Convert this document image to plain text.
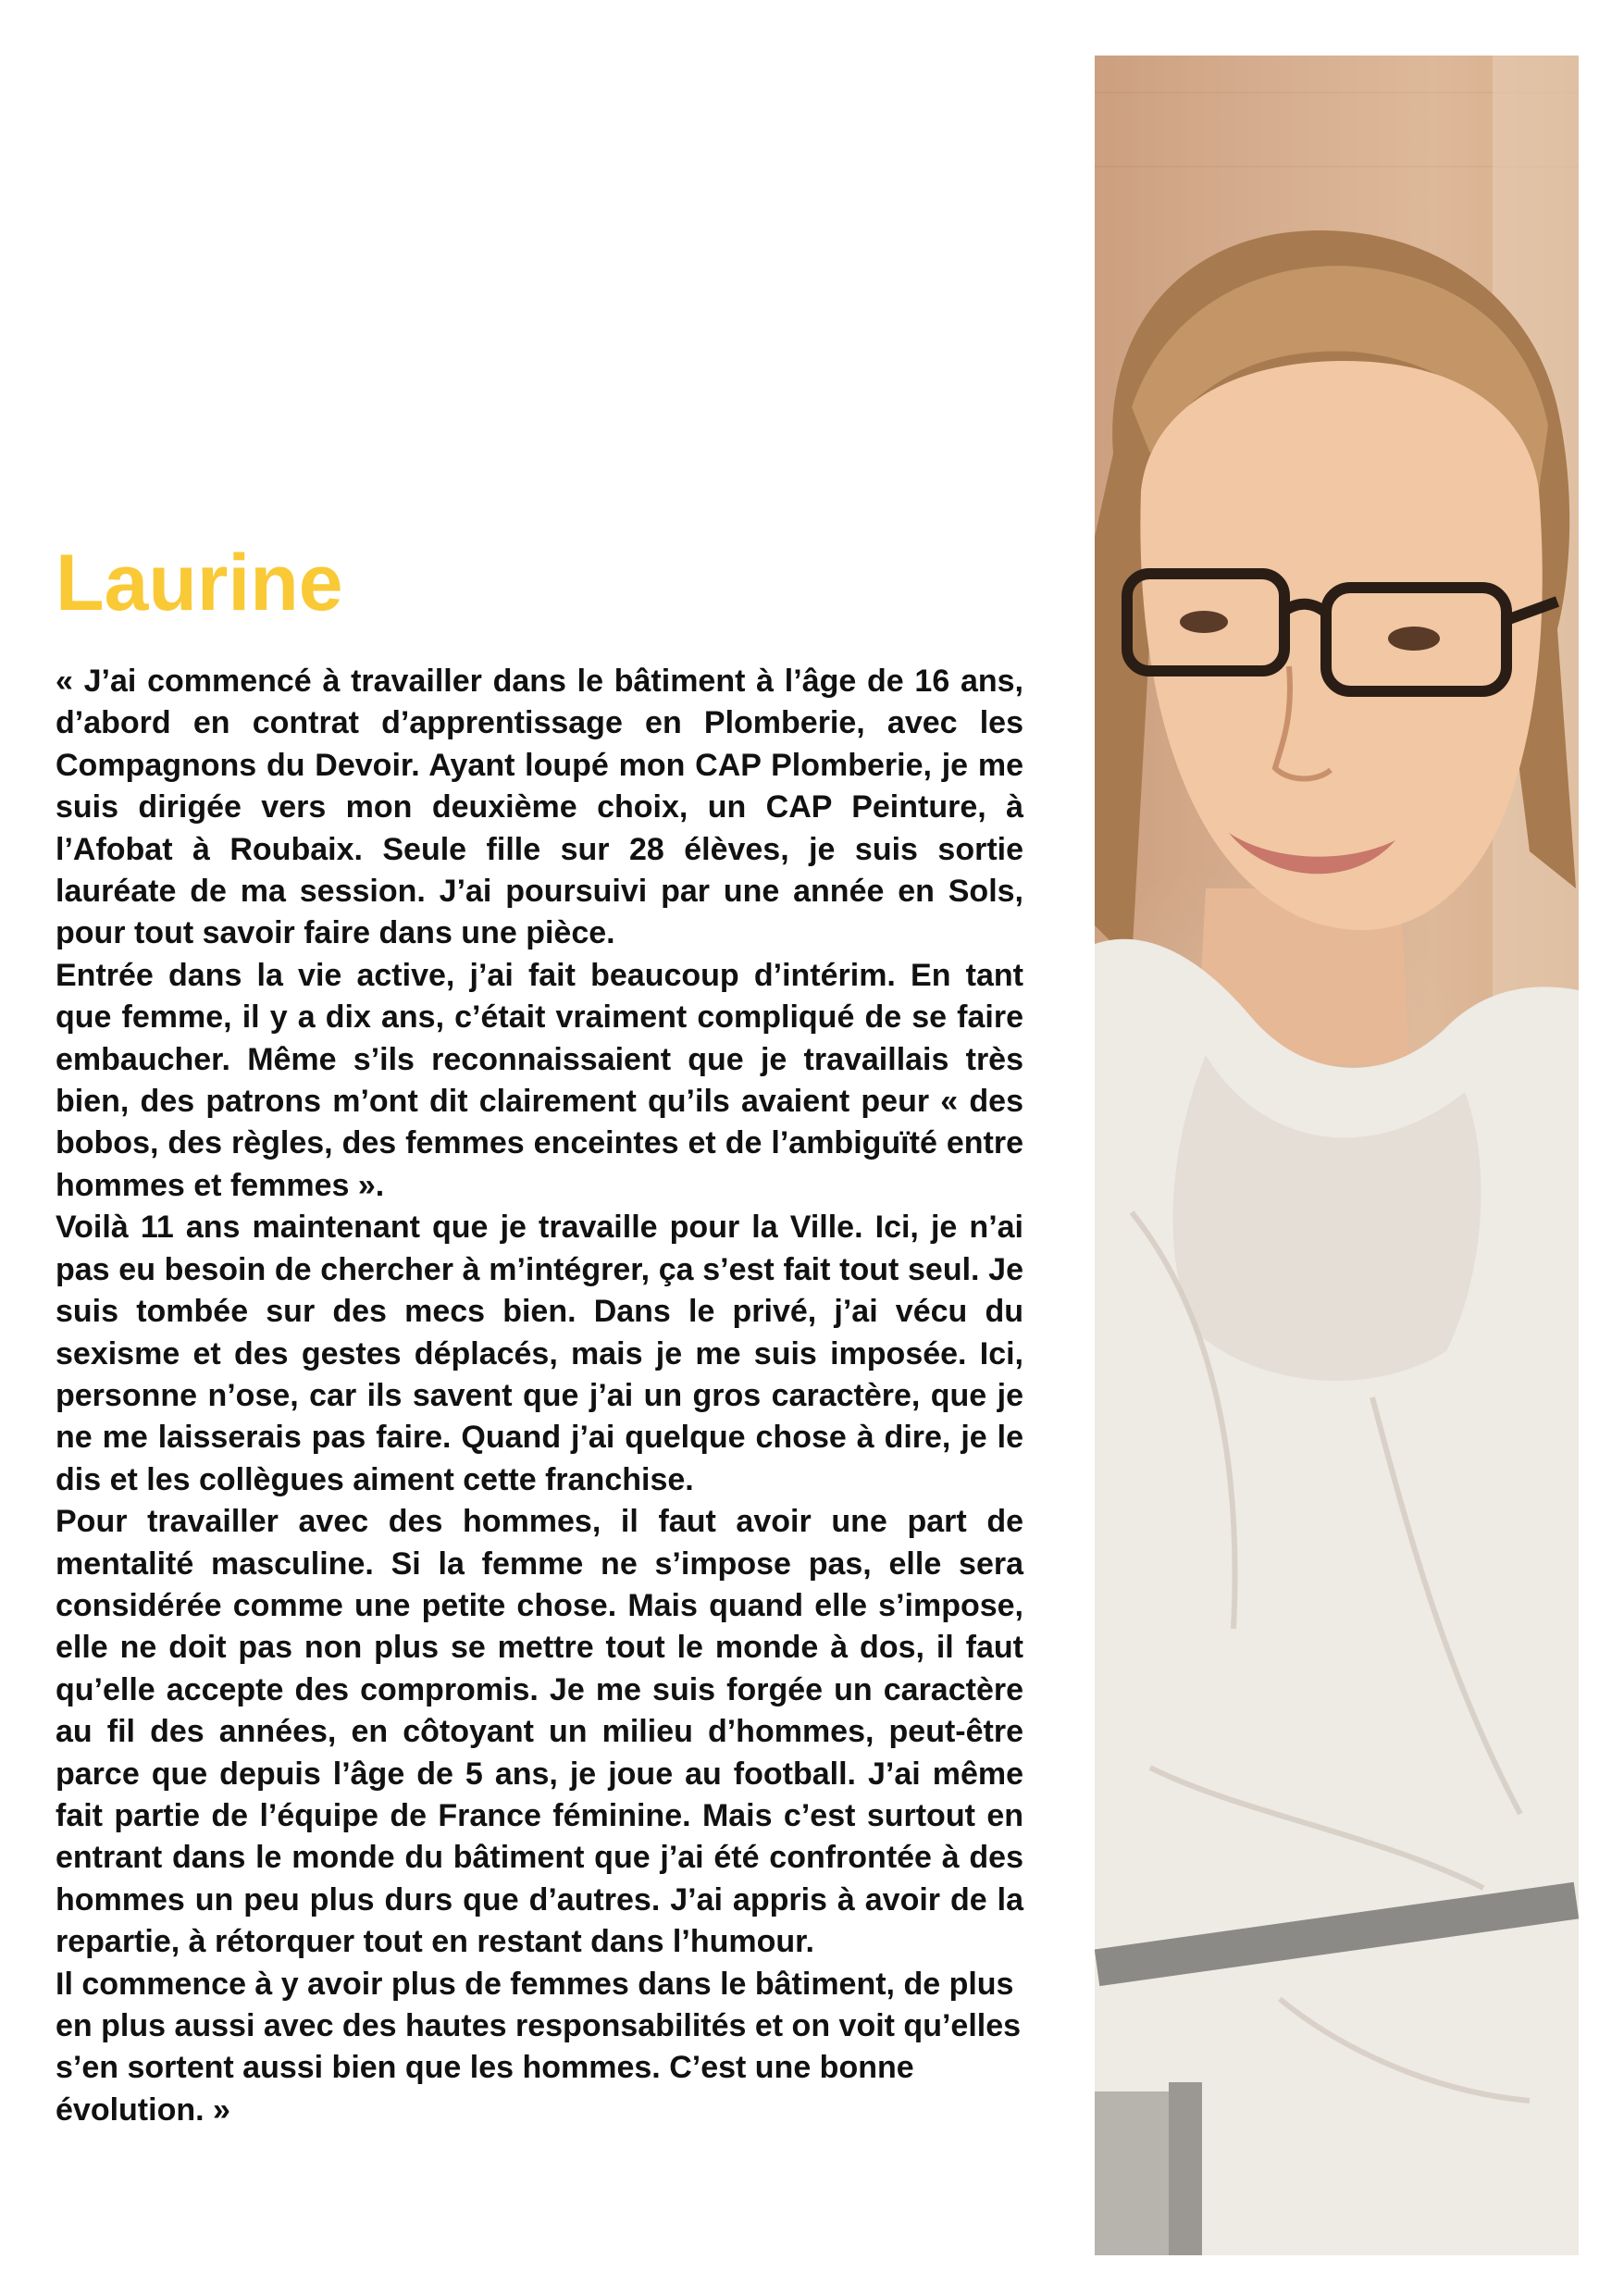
Laurine

« J’ai commencé à travailler dans le bâtiment à l’âge de 16 ans, d’abord en contrat d’apprentissage en Plomberie, avec les Compagnons du Devoir. Ayant loupé mon CAP Plomberie, je me suis dirigée vers mon deuxième choix, un CAP Peinture, à l’Afobat à Roubaix. Seule fille sur 28 élèves, je suis sortie lauréate de ma session. J’ai poursuivi par une année en Sols, pour tout savoir faire dans une pièce.

Entrée dans la vie active, j’ai fait beaucoup d’intérim. En tant que femme, il y a dix ans, c’était vraiment compliqué de se faire embaucher. Même s’ils reconnaissaient que je travaillais très bien, des patrons m’ont dit clairement qu’ils avaient peur « des bobos, des règles, des femmes enceintes et de l’ambiguïté entre hommes et femmes ».

Voilà 11 ans maintenant que je travaille pour la Ville. Ici, je n’ai pas eu besoin de chercher à m’intégrer, ça s’est fait tout seul. Je suis tombée sur des mecs bien. Dans le privé, j’ai vécu du sexisme et des gestes déplacés, mais je me suis imposée. Ici, personne n’ose, car ils savent que j’ai un gros caractère, que je ne me laisserais pas faire. Quand j’ai quelque chose à dire, je le dis et les collègues aiment cette franchise.

Pour travailler avec des hommes, il faut avoir une part de mentalité masculine. Si la femme ne s’impose pas, elle sera considérée comme une petite chose. Mais quand elle s’impose, elle ne doit pas non plus se mettre tout le monde à dos, il faut qu’elle accepte des compromis. Je me suis forgée un caractère au fil des années, en côtoyant un milieu d’hommes, peut-être parce que depuis l’âge de 5 ans, je joue au football. J’ai même fait partie de l’équipe de France féminine. Mais c’est surtout en entrant dans le monde du bâtiment que j’ai été confrontée à des hommes un peu plus durs que d’autres. J’ai appris à avoir de la repartie, à rétorquer tout en restant dans l’humour.

Il commence à y avoir plus de femmes dans le bâtiment, de plus en plus aussi avec des hautes responsabilités et on voit qu’elles s’en sortent aussi bien que les hommes. C’est une bonne évolution. »
